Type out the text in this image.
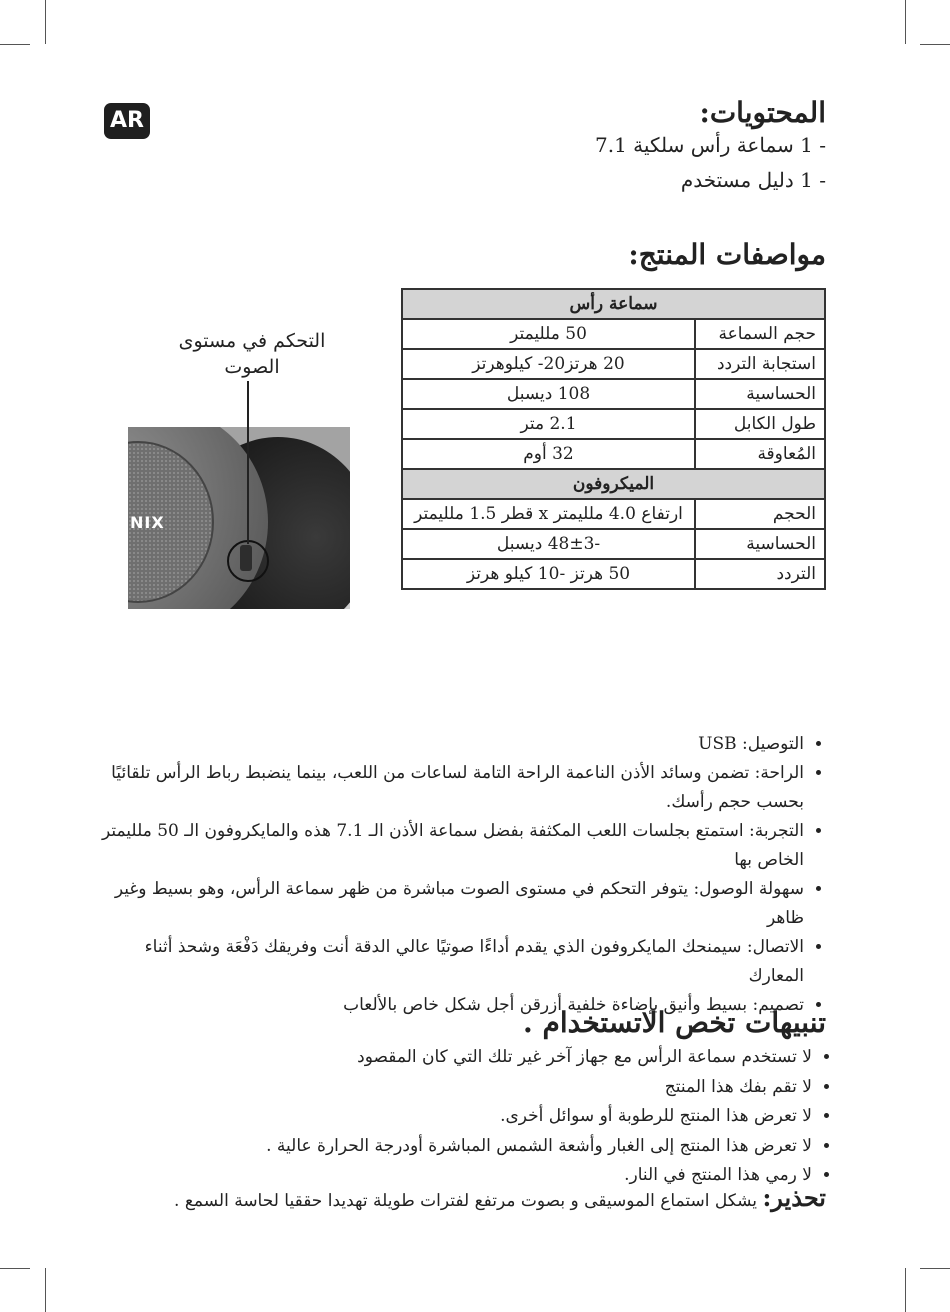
AR	المحتويات:
- 1 سماعة رأس سلكية 7.1
- 1 دليل مستخدم
مواصفات المنتج:
سماعة رأس	
حجم السماعة	50 ملليمتر
استجابة التردد	20 هرتز20- كيلوهرتز
الحساسية	108 ديسبل
طول الكابل	2.1 متر
المُعاوقة	32 أوم
الميكروفون	
الحجم	ارتفاع 4.0 ملليمتر x قطر 1.5 ملليمتر
الحساسية	-48±3 ديسبل
التردد	50 هرتز -10 كيلو هرتز
التحكم في مستوى
الصوت
NIX
• التوصيل: USB
• الراحة: تضمن وسائد الأذن الناعمة الراحة التامة لساعات من اللعب، بينما ينضبط رباط الرأس تلقائيًا بحسب حجم رأسك.
• التجربة: استمتع بجلسات اللعب المكثفة بفضل سماعة الأذن الـ 7.1 هذه والمايكروفون الـ 50 ملليمتر الخاص بها
• سهولة الوصول: يتوفر التحكم في مستوى الصوت مباشرة من ظهر سماعة الرأس، وهو بسيط وغير ظاهر
• الاتصال: سيمنحك المايكروفون الذي يقدم أداءًا صوتيًا عالي الدقة أنت وفريقك دَفْعَة وشحذ أثناء المعارك
• تصميم: بسيط وأنيق بإضاءة خلفية أزرقن أجل شكل خاص بالألعاب
تنبيهات تخص الاتستخدام .
• لا تستخدم سماعة الرأس مع جهاز آخر غير تلك التي كان المقصود
• لا تقم بفك هذا المنتج
• لا تعرض هذا المنتج للرطوبة أو سوائل أخرى.
• لا تعرض هذا المنتج إلى الغبار وأشعة الشمس المباشرة أودرجة الحرارة عالية .
• لا رمي هذا المنتج في النار.
تحذير: يشكل استماع الموسيقى و بصوت مرتفع لفترات طويلة تهديدا حققيا لحاسة السمع .
